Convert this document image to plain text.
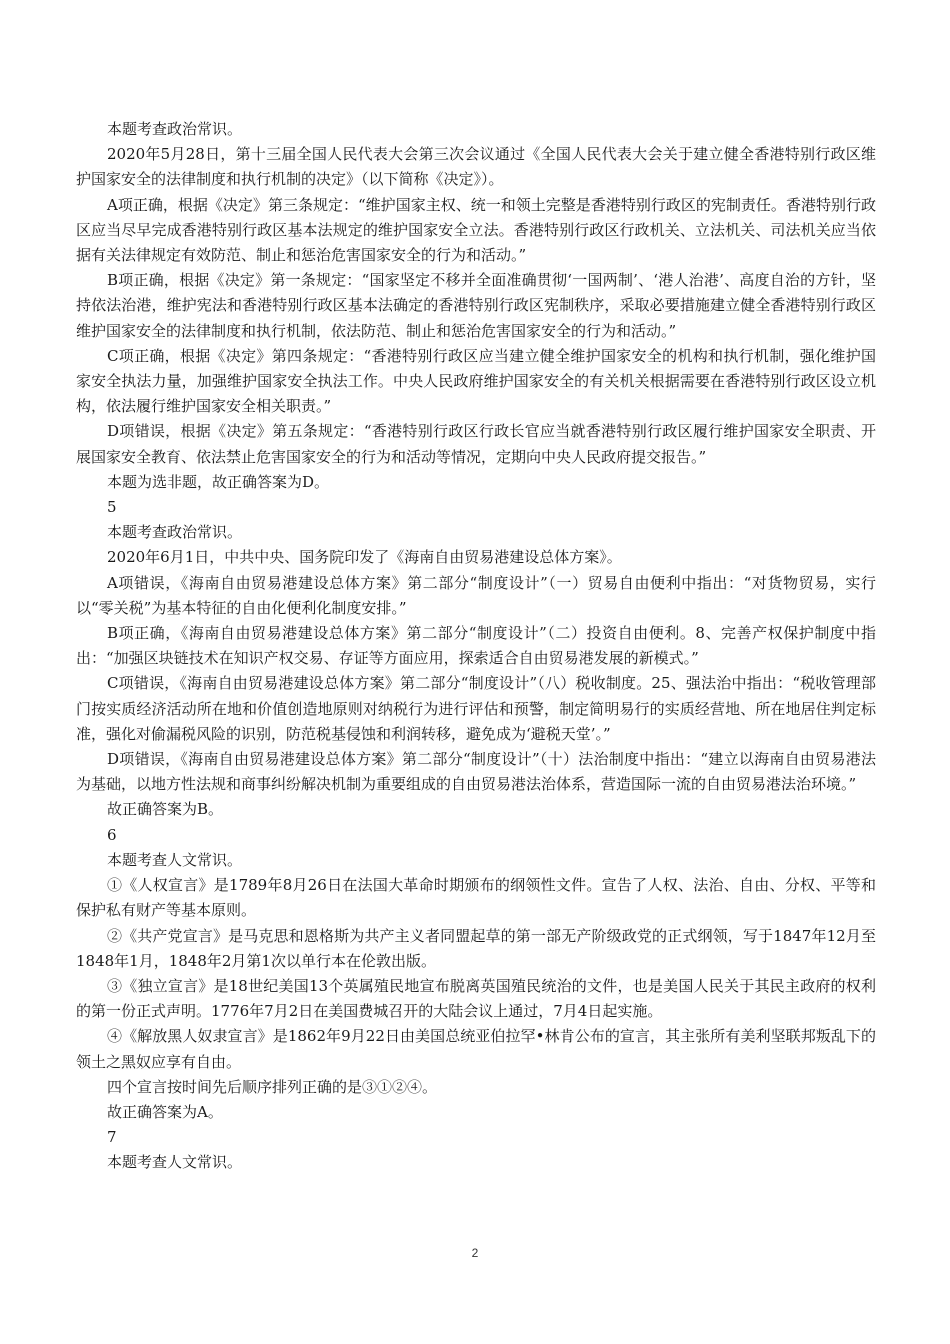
本题考查政治常识。

2020年5月28日，第十三届全国人民代表大会第三次会议通过《全国人民代表大会关于建立健全香港特别行政区维护国家安全的法律制度和执行机制的决定》（以下简称《决定》）。

A项正确，根据《决定》第三条规定：“维护国家主权、统一和领土完整是香港特别行政区的宪制责任。香港特别行政区应当尽早完成香港特别行政区基本法规定的维护国家安全立法。香港特别行政区行政机关、立法机关、司法机关应当依据有关法律规定有效防范、制止和惩治危害国家安全的行为和活动。”

B项正确，根据《决定》第一条规定：“国家坚定不移并全面准确贯彻‘一国两制’、‘港人治港’、高度自治的方针，坚持依法治港，维护宪法和香港特别行政区基本法确定的香港特别行政区宪制秩序，采取必要措施建立健全香港特别行政区维护国家安全的法律制度和执行机制，依法防范、制止和惩治危害国家安全的行为和活动。”

C项正确，根据《决定》第四条规定：“香港特别行政区应当建立健全维护国家安全的机构和执行机制，强化维护国家安全执法力量，加强维护国家安全执法工作。中央人民政府维护国家安全的有关机关根据需要在香港特别行政区设立机构，依法履行维护国家安全相关职责。”

D项错误，根据《决定》第五条规定：“香港特别行政区行政长官应当就香港特别行政区履行维护国家安全职责、开展国家安全教育、依法禁止危害国家安全的行为和活动等情况，定期向中央人民政府提交报告。”

本题为选非题，故正确答案为D。

5

本题考查政治常识。

2020年6月1日，中共中央、国务院印发了《海南自由贸易港建设总体方案》。

A项错误，《海南自由贸易港建设总体方案》第二部分“制度设计”（一）贸易自由便利中指出：“对货物贸易，实行以“零关税”为基本特征的自由化便利化制度安排。”

B项正确，《海南自由贸易港建设总体方案》第二部分“制度设计”（二）投资自由便利。8、完善产权保护制度中指出：“加强区块链技术在知识产权交易、存证等方面应用，探索适合自由贸易港发展的新模式。”

C项错误，《海南自由贸易港建设总体方案》第二部分“制度设计”（八）税收制度。25、强法治中指出：“税收管理部门按实质经济活动所在地和价值创造地原则对纳税行为进行评估和预警，制定简明易行的实质经营地、所在地居住判定标准，强化对偷漏税风险的识别，防范税基侵蚀和利润转移，避免成为‘避税天堂’。”

D项错误，《海南自由贸易港建设总体方案》第二部分“制度设计”（十）法治制度中指出：“建立以海南自由贸易港法为基础，以地方性法规和商事纠纷解决机制为重要组成的自由贸易港法治体系，营造国际一流的自由贸易港法治环境。”

故正确答案为B。

6

本题考查人文常识。

①《人权宣言》是1789年8月26日在法国大革命时期颁布的纲领性文件。宣告了人权、法治、自由、分权、平等和保护私有财产等基本原则。

②《共产党宣言》是马克思和恩格斯为共产主义者同盟起草的第一部无产阶级政党的正式纲领，写于1847年12月至1848年1月，1848年2月第1次以单行本在伦敦出版。

③《独立宣言》是18世纪美国13个英属殖民地宣布脱离英国殖民统治的文件，也是美国人民关于其民主政府的权利的第一份正式声明。1776年7月2日在美国费城召开的大陆会议上通过，7月4日起实施。

④《解放黑人奴隶宣言》是1862年9月22日由美国总统亚伯拉罕•林肯公布的宣言，其主张所有美利坚联邦叛乱下的领土之黑奴应享有自由。

四个宣言按时间先后顺序排列正确的是③①②④。

故正确答案为A。

7

本题考查人文常识。

2
